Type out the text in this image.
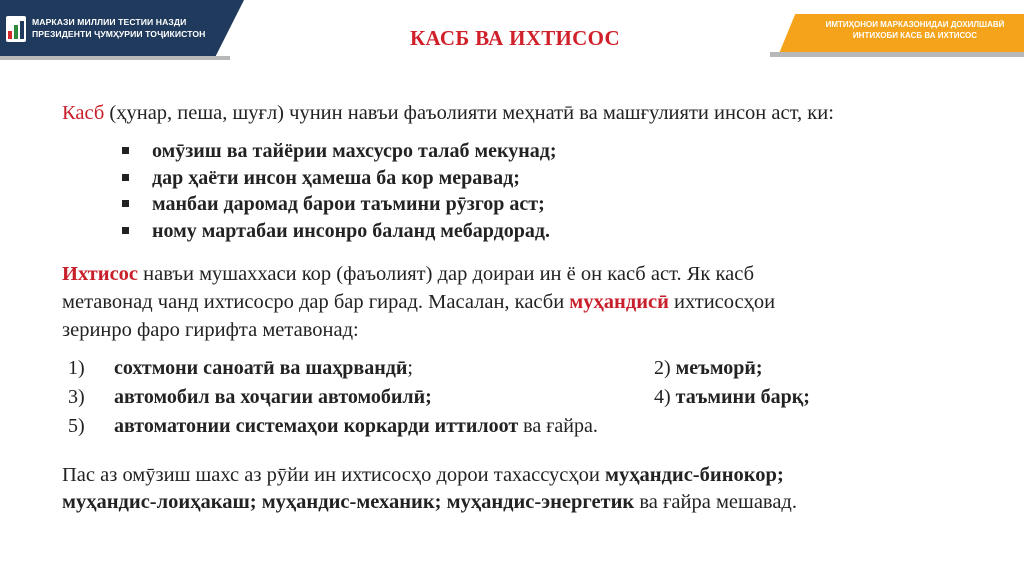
МАРКАЗИ МИЛЛИИ ТЕСТИИ НАЗДИ
ПРЕЗИДЕНТИ ҶУМҲУРИИ ТОҶИКИСТОН	КАСБ ВА ИХТИСОС
ИМТИҲОНОИ МАРКАЗОНИДАИ ДОХИЛШАВӢ
ИНТИХОБИ КАСБ ВА ИХТИСОС
Касб (ҳунар, пеша, шуғл) чунин навъи фаъолияти меҳнатӣ ва машғулияти инсон аст, ки:
омӯзиш ва тайёрии махсусро талаб мекунад;
дар ҳаёти инсон ҳамеша ба кор меравад;
манбаи даромад барои таъмини рӯзгор аст;
ному мартабаи инсонро баланд мебардорад.
Ихтисос навъи мушаххаси кор (фаъолият) дар доираи ин ё он касб аст. Як касб
метавонад чанд ихтисосро дар бар гирад. Масалан, касби муҳандисӣ ихтисосҳои
зеринро фаро гирифта метавонад:
1) сохтмони саноатӣ ва шаҳрвандӣ;	2) меъморӣ;
3) автомобил ва хоҷагии автомобилӣ;	4) таъмини барқ;
5) автоматонии системаҳои коркарди иттилоот ва ғайра.
Пас аз омӯзиш шахс аз рӯйи ин ихтисосҳо дорои тахассусҳои муҳандис-бинокор;
муҳандис-лоиҳакаш; муҳандис-механик; муҳандис-энергетик ва ғайра мешавад.
